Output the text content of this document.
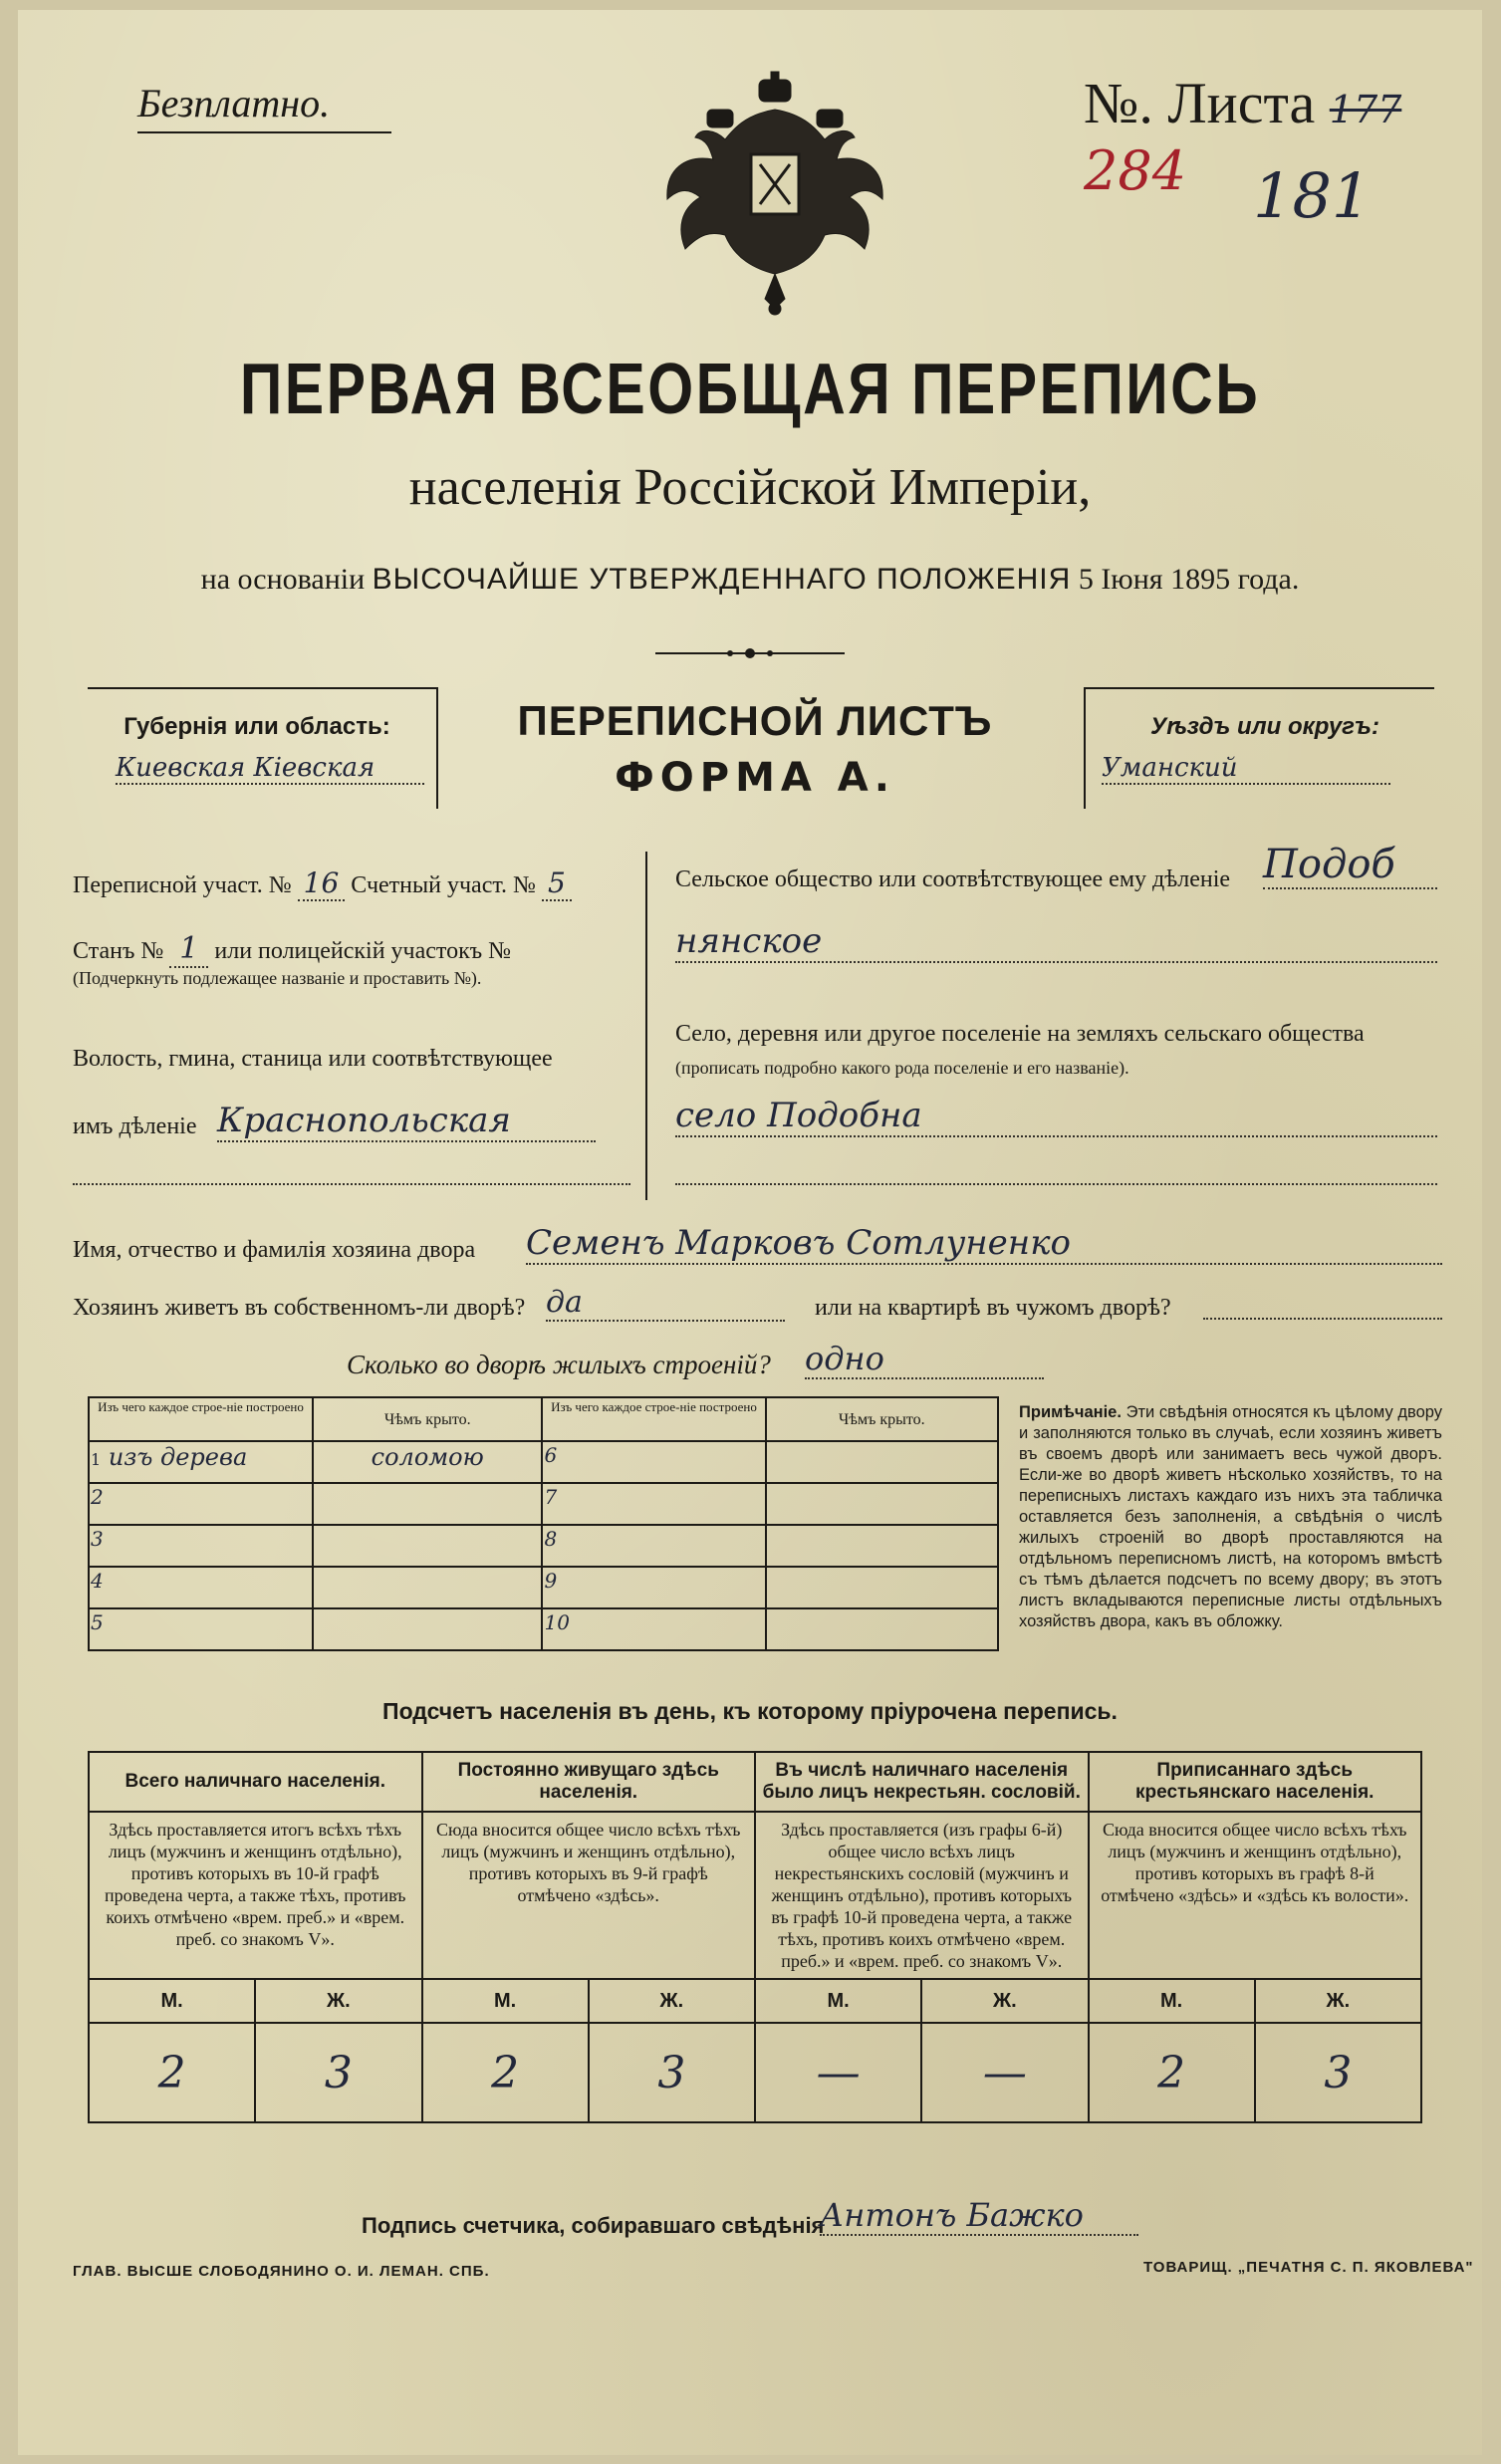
Безплатно.	№. Листа 177 284	181
ПЕРВАЯ ВСЕОБЩАЯ ПЕРЕПИСЬ
населенія Россійской Имперіи,
на основаніи ВЫСОЧАЙШЕ УТВЕРЖДЕННАГО ПОЛОЖЕНІЯ 5 Іюня 1895 года.
Губернія или область:
Киевская Кіевская
ПЕРЕПИСНОЙ ЛИСТЪ
ФОРМА А.
Уѣздъ или округъ:
Уманский
Переписной участ. № 16 Счетный участ. № 5
Станъ № 1 или полицейскій участокъ №
(Подчеркнуть подлежащее названіе и проставить №).
Волость, гмина, станица или соотвѣтствующее
имъ дѣленіе Краснопольская
Сельское общество или соотвѣтствующее ему дѣленіе Подоб
нянское
Село, деревня или другое поселеніе на земляхъ сельскаго общества
(прописать подробно какого рода поселеніе и его названіе).
село Подобна
Имя, отчество и фамилія хозяина двора Семенъ Марковъ Сотлуненко
Хозяинъ живетъ въ собственномъ-ли дворѣ? да	или на квартирѣ въ чужомъ дворѣ?
Сколько во дворѣ жилыхъ строеній? одно
Изъ чего каждое строе-ніе построено	Чѣмъ крыто.	Изъ чего каждое строе-ніе построено	Чѣмъ крыто.
1 изъ дерева	соломою	6	
2		7	
3		8	
4		9	
5		10	
Примѣчаніе. Эти свѣдѣнія относятся къ цѣлому двору и заполняются только въ случаѣ, если хозяинъ живетъ въ своемъ дворѣ или занимаетъ весь чужой дворъ. Если-же во дворѣ живетъ нѣсколько хозяйствъ, то на переписныхъ листахъ каждаго изъ нихъ эта табличка оставляется безъ заполненія, а свѣдѣнія о числѣ жилыхъ строеній во дворѣ проставляются на отдѣльномъ переписномъ листѣ, на которомъ вмѣстѣ съ тѣмъ дѣлается подсчетъ по всему двору; въ этотъ листъ вкладываются переписные листы отдѣльныхъ хозяйствъ двора, какъ въ обложку.
Подсчетъ населенія въ день, къ которому пріурочена перепись.
Всего наличнаго населенія.		Постоянно живущаго здѣсь населенія.		Въ числѣ наличнаго населенія было лицъ некрестьян. сословій.		Приписаннаго здѣсь крестьянскаго населенія.	
Здѣсь проставляется итогъ всѣхъ тѣхъ лицъ (мужчинъ и женщинъ отдѣльно), противъ которыхъ въ 10-й графѣ проведена черта, а также тѣхъ, противъ коихъ отмѣчено «врем. преб.» и «врем. преб. со знакомъ V».		Сюда вносится общее число всѣхъ тѣхъ лицъ (мужчинъ и женщинъ отдѣльно), противъ которыхъ въ 9-й графѣ отмѣчено «здѣсь».		Здѣсь проставляется (изъ графы 6-й) общее число всѣхъ лицъ некрестьянскихъ сословій (мужчинъ и женщинъ отдѣльно), противъ которыхъ въ графѣ 10-й проведена черта, а также тѣхъ, противъ коихъ отмѣчено «врем. преб.» и «врем. преб. со знакомъ V».		Сюда вносится общее число всѣхъ тѣхъ лицъ (мужчинъ и женщинъ отдѣльно), противъ которыхъ въ графѣ 8-й отмѣчено «здѣсь» и «здѣсь къ волости».	
М.	Ж.	М.	Ж.	М.	Ж.	М.	Ж.
2	3	2	3	—	—	2	3
Подпись счетчика, собиравшаго свѣдѣнія
Антонъ Бажко
ГЛАВ. ВЫСШЕ СЛОБОДЯНИНО О. И. ЛЕМАН. СПБ.	ТОВАРИЩ. „ПЕЧАТНЯ С. П. ЯКОВЛЕВА"
